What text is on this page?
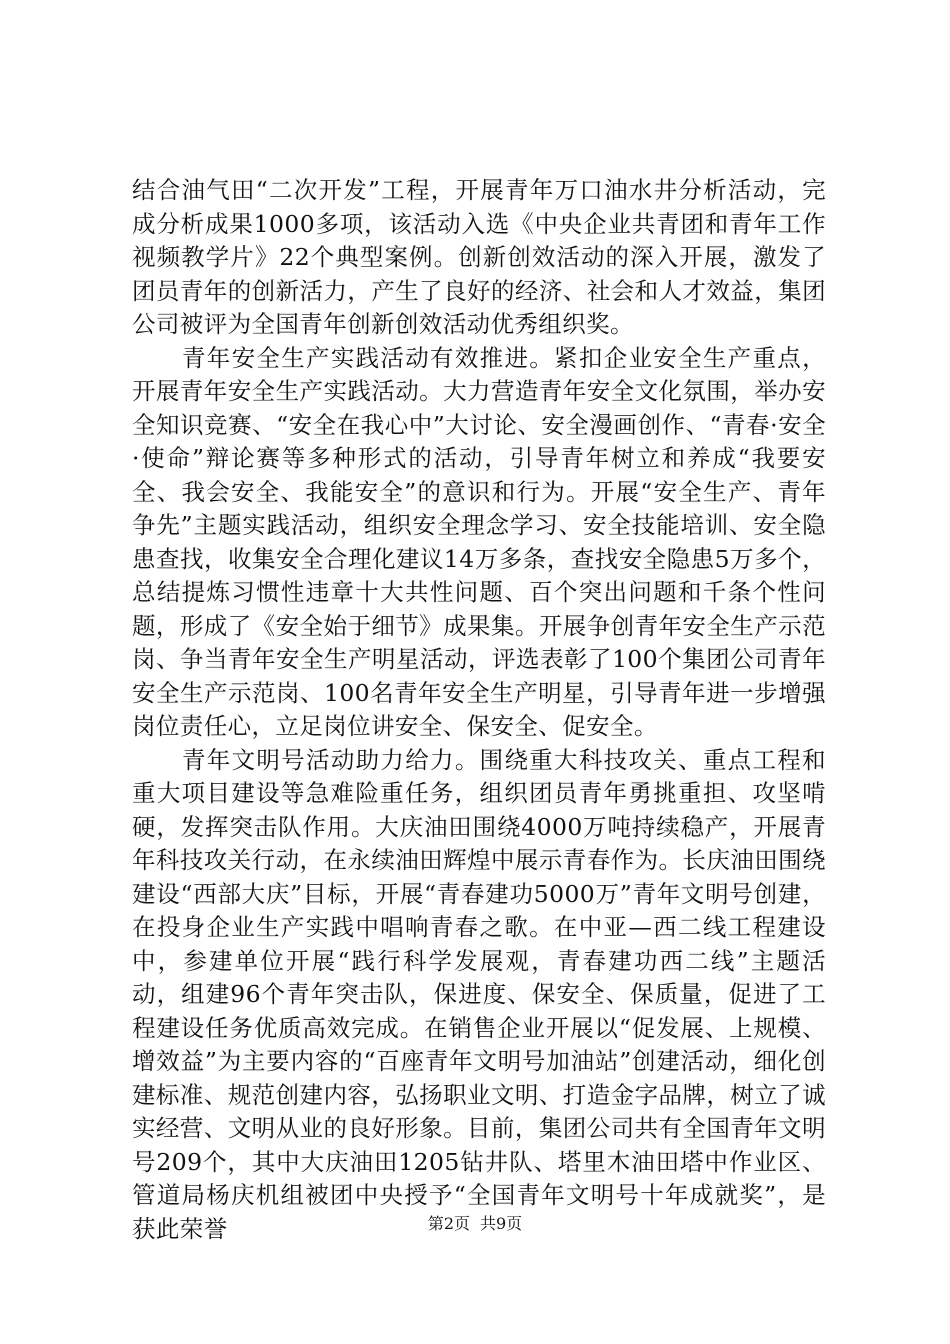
结合油气田“二次开发”工程，开展青年万口油水井分析活动，完成分析成果1000多项，该活动入选《中央企业共青团和青年工作视频教学片》22个典型案例。创新创效活动的深入开展，激发了团员青年的创新活力，产生了良好的经济、社会和人才效益，集团公司被评为全国青年创新创效活动优秀组织奖。

青年安全生产实践活动有效推进。紧扣企业安全生产重点，开展青年安全生产实践活动。大力营造青年安全文化氛围，举办安全知识竞赛、“安全在我心中”大讨论、安全漫画创作、“青春·安全·使命”辩论赛等多种形式的活动，引导青年树立和养成“我要安全、我会安全、我能安全”的意识和行为。开展“安全生产、青年争先”主题实践活动，组织安全理念学习、安全技能培训、安全隐患查找，收集安全合理化建议14万多条，查找安全隐患5万多个，总结提炼习惯性违章十大共性问题、百个突出问题和千条个性问题，形成了《安全始于细节》成果集。开展争创青年安全生产示范岗、争当青年安全生产明星活动，评选表彰了100个集团公司青年安全生产示范岗、100名青年安全生产明星，引导青年进一步增强岗位责任心，立足岗位讲安全、保安全、促安全。

青年文明号活动助力给力。围绕重大科技攻关、重点工程和重大项目建设等急难险重任务，组织团员青年勇挑重担、攻坚啃硬，发挥突击队作用。大庆油田围绕4000万吨持续稳产，开展青年科技攻关行动，在永续油田辉煌中展示青春作为。长庆油田围绕建设“西部大庆”目标，开展“青春建功5000万”青年文明号创建，在投身企业生产实践中唱响青春之歌。在中亚—西二线工程建设中，参建单位开展“践行科学发展观，青春建功西二线”主题活动，组建96个青年突击队，保进度、保安全、保质量，促进了工程建设任务优质高效完成。在销售企业开展以“促发展、上规模、增效益”为主要内容的“百座青年文明号加油站”创建活动，细化创建标准、规范创建内容，弘扬职业文明、打造金字品牌，树立了诚实经营、文明从业的良好形象。目前，集团公司共有全国青年文明号209个，其中大庆油田1205钻井队、塔里木油田塔中作业区、管道局杨庆机组被团中央授予“全国青年文明号十年成就奖”，是获此荣誉	第2页 共9页
